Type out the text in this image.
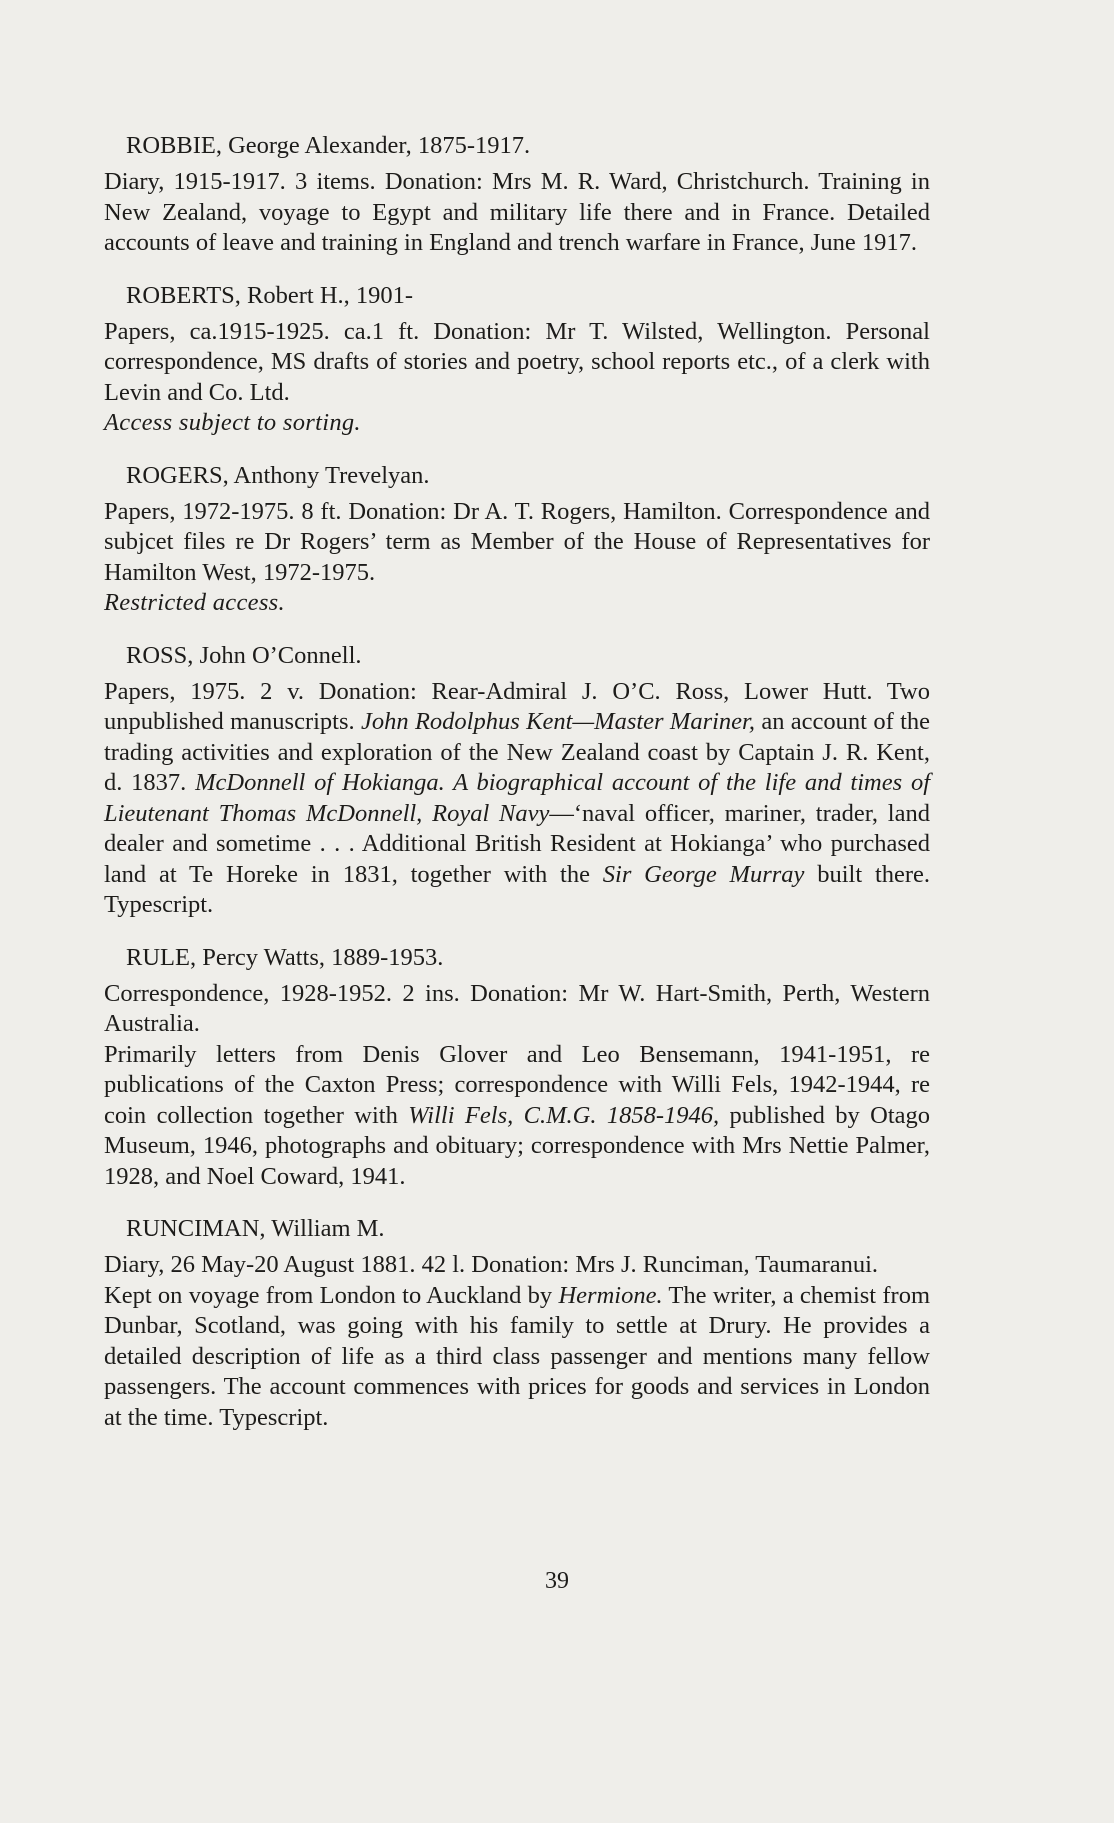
ROBBIE, George Alexander, 1875-1917.

Diary, 1915-1917. 3 items. Donation: Mrs M. R. Ward, Christchurch. Training in New Zealand, voyage to Egypt and military life there and in France. Detailed accounts of leave and training in England and trench warfare in France, June 1917.

ROBERTS, Robert H., 1901-

Papers, ca.1915-1925. ca.1 ft. Donation: Mr T. Wilsted, Wellington. Personal correspondence, MS drafts of stories and poetry, school reports etc., of a clerk with Levin and Co. Ltd.

Access subject to sorting.

ROGERS, Anthony Trevelyan.

Papers, 1972-1975. 8 ft. Donation: Dr A. T. Rogers, Hamilton. Correspondence and subjcet files re Dr Rogers’ term as Member of the House of Representatives for Hamilton West, 1972-1975.

Restricted access.

ROSS, John O’Connell.

Papers, 1975. 2 v. Donation: Rear-Admiral J. O’C. Ross, Lower Hutt. Two unpublished manuscripts. John Rodolphus Kent—Master Mariner, an account of the trading activities and exploration of the New Zealand coast by Captain J. R. Kent, d. 1837. McDonnell of Hokianga. A biographical account of the life and times of Lieutenant Thomas McDonnell, Royal Navy—‘naval officer, mariner, trader, land dealer and sometime . . . Additional British Resident at Hokianga’ who purchased land at Te Horeke in 1831, together with the Sir George Murray built there. Typescript.

RULE, Percy Watts, 1889-1953.

Correspondence, 1928-1952. 2 ins. Donation: Mr W. Hart-Smith, Perth, Western Australia.

Primarily letters from Denis Glover and Leo Bensemann, 1941-1951, re publications of the Caxton Press; correspondence with Willi Fels, 1942-1944, re coin collection together with Willi Fels, C.M.G. 1858-1946, published by Otago Museum, 1946, photographs and obituary; correspondence with Mrs Nettie Palmer, 1928, and Noel Coward, 1941.

RUNCIMAN, William M.

Diary, 26 May-20 August 1881. 42 l. Donation: Mrs J. Runciman, Taumaranui.

Kept on voyage from London to Auckland by Hermione. The writer, a chemist from Dunbar, Scotland, was going with his family to settle at Drury. He provides a detailed description of life as a third class passenger and mentions many fellow passengers. The account commences with prices for goods and services in London at the time. Typescript.

39
